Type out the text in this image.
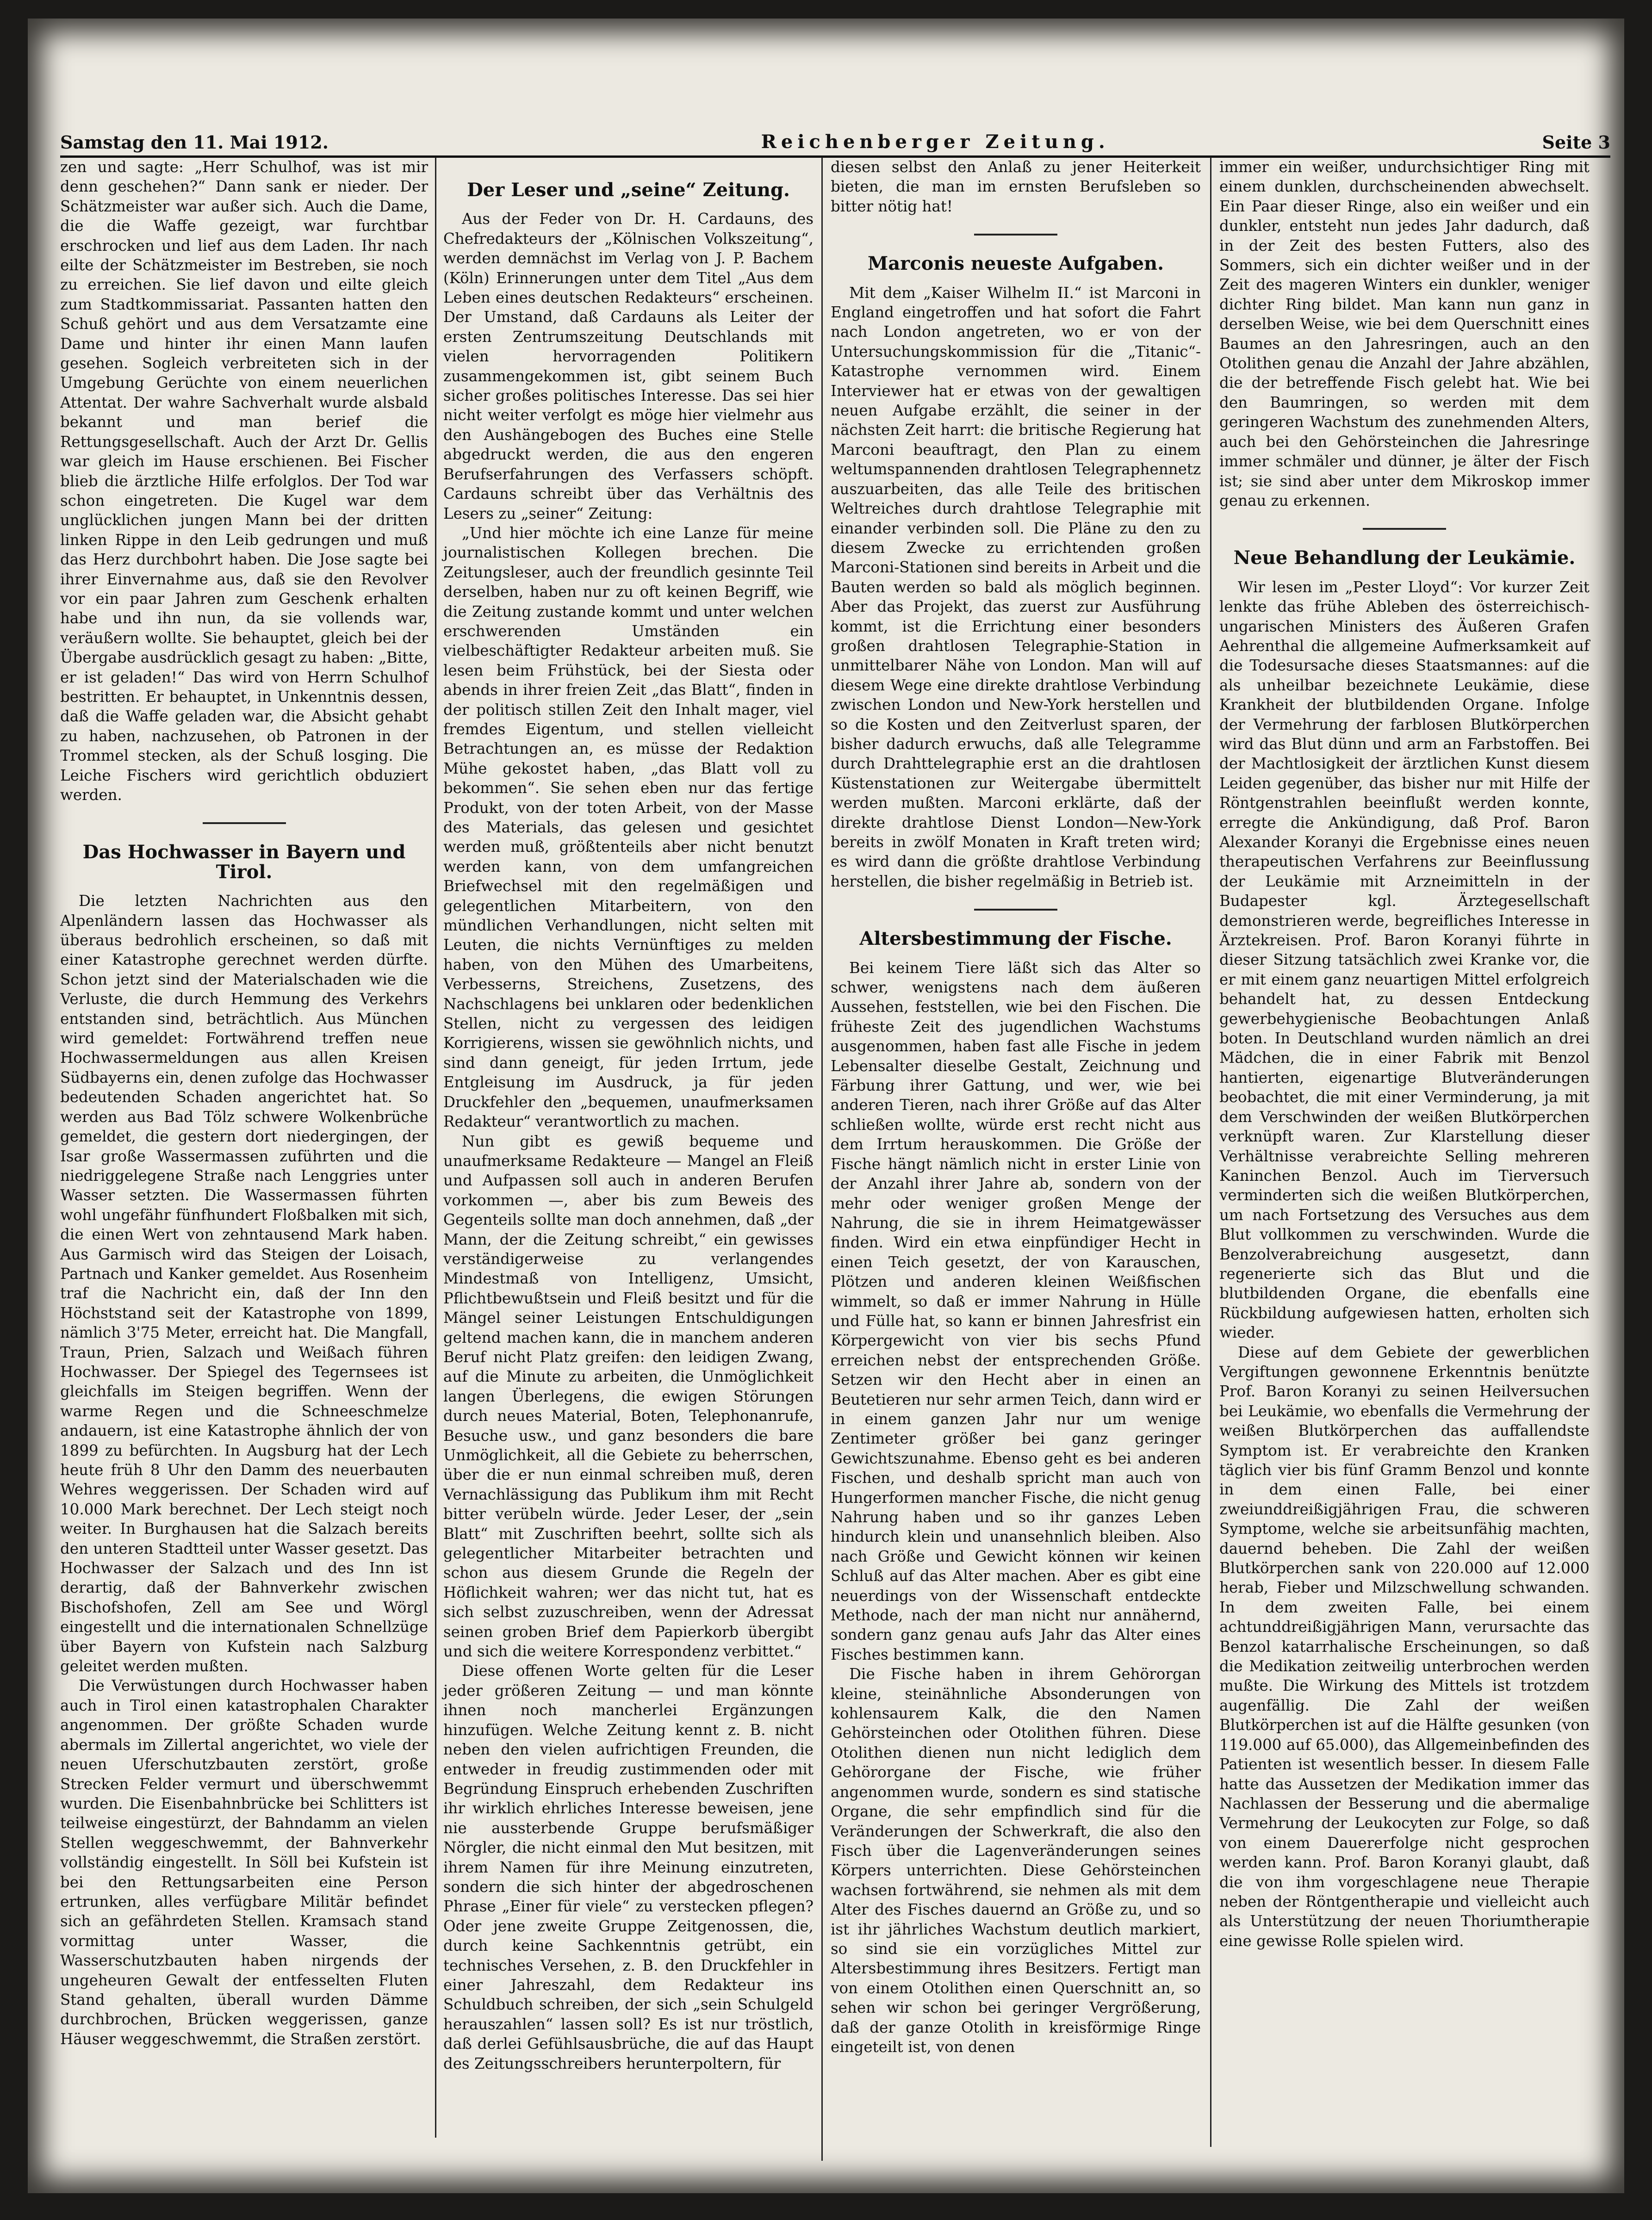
Samstag den 11. Mai 1912.	Reichenberger Zeitung.	Seite 3

zen und sagte: „Herr Schulhof, was ist mir denn geschehen?“ Dann sank er nieder. Der Schätzmeister war außer sich. Auch die Dame, die die Waffe gezeigt, war furchtbar erschrocken und lief aus dem Laden. Ihr nach eilte der Schätzmeister im Bestreben, sie noch zu erreichen. Sie lief davon und eilte gleich zum Stadtkommissariat. Passanten hatten den Schuß gehört und aus dem Versatzamte eine Dame und hinter ihr einen Mann laufen gesehen. Sogleich verbreiteten sich in der Umgebung Gerüchte von einem neuerlichen Attentat. Der wahre Sachverhalt wurde alsbald bekannt und man berief die Rettungsgesellschaft. Auch der Arzt Dr. Gellis war gleich im Hause erschienen. Bei Fischer blieb die ärztliche Hilfe erfolglos. Der Tod war schon eingetreten. Die Kugel war dem unglücklichen jungen Mann bei der dritten linken Rippe in den Leib gedrungen und muß das Herz durchbohrt haben. Die Jose sagte bei ihrer Einvernahme aus, daß sie den Revolver vor ein paar Jahren zum Geschenk erhalten habe und ihn nun, da sie vollends war, veräußern wollte. Sie behauptet, gleich bei der Übergabe ausdrücklich gesagt zu haben: „Bitte, er ist geladen!“ Das wird von Herrn Schulhof bestritten. Er behauptet, in Unkenntnis dessen, daß die Waffe geladen war, die Absicht gehabt zu haben, nachzusehen, ob Patronen in der Trommel stecken, als der Schuß losging. Die Leiche Fischers wird gerichtlich obduziert werden.

Das Hochwasser in Bayern und Tirol.

Die letzten Nachrichten aus den Alpenländern lassen das Hochwasser als überaus bedrohlich erscheinen, so daß mit einer Katastrophe gerechnet werden dürfte. Schon jetzt sind der Materialschaden wie die Verluste, die durch Hemmung des Verkehrs entstanden sind, beträchtlich. Aus München wird gemeldet: Fortwährend treffen neue Hochwassermeldungen aus allen Kreisen Südbayerns ein, denen zufolge das Hochwasser bedeutenden Schaden angerichtet hat. So werden aus Bad Tölz schwere Wolkenbrüche gemeldet, die gestern dort niedergingen, der Isar große Wassermassen zuführten und die niedriggelegene Straße nach Lenggries unter Wasser setzten. Die Wassermassen führten wohl ungefähr fünfhundert Floßbalken mit sich, die einen Wert von zehntausend Mark haben. Aus Garmisch wird das Steigen der Loisach, Partnach und Kanker gemeldet. Aus Rosenheim traf die Nachricht ein, daß der Inn den Höchststand seit der Katastrophe von 1899, nämlich 3'75 Meter, erreicht hat. Die Mangfall, Traun, Prien, Salzach und Weißach führen Hochwasser. Der Spiegel des Tegernsees ist gleichfalls im Steigen begriffen. Wenn der warme Regen und die Schneeschmelze andauern, ist eine Katastrophe ähnlich der von 1899 zu befürchten. In Augsburg hat der Lech heute früh 8 Uhr den Damm des neuerbauten Wehres weggerissen. Der Schaden wird auf 10.000 Mark berechnet. Der Lech steigt noch weiter. In Burghausen hat die Salzach bereits den unteren Stadtteil unter Wasser gesetzt. Das Hochwasser der Salzach und des Inn ist derartig, daß der Bahnverkehr zwischen Bischofshofen, Zell am See und Wörgl eingestellt und die internationalen Schnellzüge über Bayern von Kufstein nach Salzburg geleitet werden mußten.

Die Verwüstungen durch Hochwasser haben auch in Tirol einen katastrophalen Charakter angenommen. Der größte Schaden wurde abermals im Zillertal angerichtet, wo viele der neuen Uferschutzbauten zerstört, große Strecken Felder vermurt und überschwemmt wurden. Die Eisenbahnbrücke bei Schlitters ist teilweise eingestürzt, der Bahndamm an vielen Stellen weggeschwemmt, der Bahnverkehr vollständig eingestellt. In Söll bei Kufstein ist bei den Rettungsarbeiten eine Person ertrunken, alles verfügbare Militär befindet sich an gefährdeten Stellen. Kramsach stand vormittag unter Wasser, die Wasserschutzbauten haben nirgends der ungeheuren Gewalt der entfesselten Fluten Stand gehalten, überall wurden Dämme durchbrochen, Brücken weggerissen, ganze Häuser weggeschwemmt, die Straßen zerstört.

Der Leser und „seine“ Zeitung.

Aus der Feder von Dr. H. Cardauns, des Chefredakteurs der „Kölnischen Volkszeitung“, werden demnächst im Verlag von J. P. Bachem (Köln) Erinnerungen unter dem Titel „Aus dem Leben eines deutschen Redakteurs“ erscheinen. Der Umstand, daß Cardauns als Leiter der ersten Zentrumszeitung Deutschlands mit vielen hervorragenden Politikern zusammengekommen ist, gibt seinem Buch sicher großes politisches Interesse. Das sei hier nicht weiter verfolgt es möge hier vielmehr aus den Aushängebogen des Buches eine Stelle abgedruckt werden, die aus den engeren Berufserfahrungen des Verfassers schöpft. Cardauns schreibt über das Verhältnis des Lesers zu „seiner“ Zeitung:

„Und hier möchte ich eine Lanze für meine journalistischen Kollegen brechen. Die Zeitungsleser, auch der freundlich gesinnte Teil derselben, haben nur zu oft keinen Begriff, wie die Zeitung zustande kommt und unter welchen erschwerenden Umständen ein vielbeschäftigter Redakteur arbeiten muß. Sie lesen beim Frühstück, bei der Siesta oder abends in ihrer freien Zeit „das Blatt“, finden in der politisch stillen Zeit den Inhalt mager, viel fremdes Eigentum, und stellen vielleicht Betrachtungen an, es müsse der Redaktion Mühe gekostet haben, „das Blatt voll zu bekommen“. Sie sehen eben nur das fertige Produkt, von der toten Arbeit, von der Masse des Materials, das gelesen und gesichtet werden muß, größtenteils aber nicht benutzt werden kann, von dem umfangreichen Briefwechsel mit den regelmäßigen und gelegentlichen Mitarbeitern, von den mündlichen Verhandlungen, nicht selten mit Leuten, die nichts Vernünftiges zu melden haben, von den Mühen des Umarbeitens, Verbesserns, Streichens, Zusetzens, des Nachschlagens bei unklaren oder bedenklichen Stellen, nicht zu vergessen des leidigen Korrigierens, wissen sie gewöhnlich nichts, und sind dann geneigt, für jeden Irrtum, jede Entgleisung im Ausdruck, ja für jeden Druckfehler den „bequemen, unaufmerksamen Redakteur“ verantwortlich zu machen.

Nun gibt es gewiß bequeme und unaufmerksame Redakteure — Mangel an Fleiß und Aufpassen soll auch in anderen Berufen vorkommen —, aber bis zum Beweis des Gegenteils sollte man doch annehmen, daß „der Mann, der die Zeitung schreibt,“ ein gewisses verständigerweise zu verlangendes Mindestmaß von Intelligenz, Umsicht, Pflichtbewußtsein und Fleiß besitzt und für die Mängel seiner Leistungen Entschuldigungen geltend machen kann, die in manchem anderen Beruf nicht Platz greifen: den leidigen Zwang, auf die Minute zu arbeiten, die Unmöglichkeit langen Überlegens, die ewigen Störungen durch neues Material, Boten, Telephonanrufe, Besuche usw., und ganz besonders die bare Unmöglichkeit, all die Gebiete zu beherrschen, über die er nun einmal schreiben muß, deren Vernachlässigung das Publikum ihm mit Recht bitter verübeln würde. Jeder Leser, der „sein Blatt“ mit Zuschriften beehrt, sollte sich als gelegentlicher Mitarbeiter betrachten und schon aus diesem Grunde die Regeln der Höflichkeit wahren; wer das nicht tut, hat es sich selbst zuzuschreiben, wenn der Adressat seinen groben Brief dem Papierkorb übergibt und sich die weitere Korrespondenz verbittet.“

Diese offenen Worte gelten für die Leser jeder größeren Zeitung — und man könnte ihnen noch mancherlei Ergänzungen hinzufügen. Welche Zeitung kennt z. B. nicht neben den vielen aufrichtigen Freunden, die entweder in freudig zustimmenden oder mit Begründung Einspruch erhebenden Zuschriften ihr wirklich ehrliches Interesse beweisen, jene nie aussterbende Gruppe berufsmäßiger Nörgler, die nicht einmal den Mut besitzen, mit ihrem Namen für ihre Meinung einzutreten, sondern die sich hinter der abgedroschenen Phrase „Einer für viele“ zu verstecken pflegen? Oder jene zweite Gruppe Zeitgenossen, die, durch keine Sachkenntnis getrübt, ein technisches Versehen, z. B. den Druckfehler in einer Jahreszahl, dem Redakteur ins Schuldbuch schreiben, der sich „sein Schulgeld herauszahlen“ lassen soll? Es ist nur tröstlich, daß derlei Gefühlsausbrüche, die auf das Haupt des Zeitungsschreibers herunterpoltern, für

diesen selbst den Anlaß zu jener Heiterkeit bieten, die man im ernsten Berufsleben so bitter nötig hat!

Marconis neueste Aufgaben.

Mit dem „Kaiser Wilhelm II.“ ist Marconi in England eingetroffen und hat sofort die Fahrt nach London angetreten, wo er von der Untersuchungskommission für die „Titanic“-Katastrophe vernommen wird. Einem Interviewer hat er etwas von der gewaltigen neuen Aufgabe erzählt, die seiner in der nächsten Zeit harrt: die britische Regierung hat Marconi beauftragt, den Plan zu einem weltumspannenden drahtlosen Telegraphennetz auszuarbeiten, das alle Teile des britischen Weltreiches durch drahtlose Telegraphie mit einander verbinden soll. Die Pläne zu den zu diesem Zwecke zu errichtenden großen Marconi-Stationen sind bereits in Arbeit und die Bauten werden so bald als möglich beginnen. Aber das Projekt, das zuerst zur Ausführung kommt, ist die Errichtung einer besonders großen drahtlosen Telegraphie-Station in unmittelbarer Nähe von London. Man will auf diesem Wege eine direkte drahtlose Verbindung zwischen London und New-York herstellen und so die Kosten und den Zeitverlust sparen, der bisher dadurch erwuchs, daß alle Telegramme durch Drahttelegraphie erst an die drahtlosen Küstenstationen zur Weitergabe übermittelt werden mußten. Marconi erklärte, daß der direkte drahtlose Dienst London—New-York bereits in zwölf Monaten in Kraft treten wird; es wird dann die größte drahtlose Verbindung herstellen, die bisher regelmäßig in Betrieb ist.

Altersbestimmung der Fische.

Bei keinem Tiere läßt sich das Alter so schwer, wenigstens nach dem äußeren Aussehen, feststellen, wie bei den Fischen. Die früheste Zeit des jugendlichen Wachstums ausgenommen, haben fast alle Fische in jedem Lebensalter dieselbe Gestalt, Zeichnung und Färbung ihrer Gattung, und wer, wie bei anderen Tieren, nach ihrer Größe auf das Alter schließen wollte, würde erst recht nicht aus dem Irrtum herauskommen. Die Größe der Fische hängt nämlich nicht in erster Linie von der Anzahl ihrer Jahre ab, sondern von der mehr oder weniger großen Menge der Nahrung, die sie in ihrem Heimatgewässer finden. Wird ein etwa einpfündiger Hecht in einen Teich gesetzt, der von Karauschen, Plötzen und anderen kleinen Weißfischen wimmelt, so daß er immer Nahrung in Hülle und Fülle hat, so kann er binnen Jahresfrist ein Körpergewicht von vier bis sechs Pfund erreichen nebst der entsprechenden Größe. Setzen wir den Hecht aber in einen an Beutetieren nur sehr armen Teich, dann wird er in einem ganzen Jahr nur um wenige Zentimeter größer bei ganz geringer Gewichtszunahme. Ebenso geht es bei anderen Fischen, und deshalb spricht man auch von Hungerformen mancher Fische, die nicht genug Nahrung haben und so ihr ganzes Leben hindurch klein und unansehnlich bleiben. Also nach Größe und Gewicht können wir keinen Schluß auf das Alter machen. Aber es gibt eine neuerdings von der Wissenschaft entdeckte Methode, nach der man nicht nur annähernd, sondern ganz genau aufs Jahr das Alter eines Fisches bestimmen kann.

Die Fische haben in ihrem Gehörorgan kleine, steinähnliche Absonderungen von kohlensaurem Kalk, die den Namen Gehörsteinchen oder Otolithen führen. Diese Otolithen dienen nun nicht lediglich dem Gehörorgane der Fische, wie früher angenommen wurde, sondern es sind statische Organe, die sehr empfindlich sind für die Veränderungen der Schwerkraft, die also den Fisch über die Lagenveränderungen seines Körpers unterrichten. Diese Gehörsteinchen wachsen fortwährend, sie nehmen als mit dem Alter des Fisches dauernd an Größe zu, und so ist ihr jährliches Wachstum deutlich markiert, so sind sie ein vorzügliches Mittel zur Altersbestimmung ihres Besitzers. Fertigt man von einem Otolithen einen Querschnitt an, so sehen wir schon bei geringer Vergrößerung, daß der ganze Otolith in kreisförmige Ringe eingeteilt ist, von denen

immer ein weißer, undurchsichtiger Ring mit einem dunklen, durchscheinenden abwechselt. Ein Paar dieser Ringe, also ein weißer und ein dunkler, entsteht nun jedes Jahr dadurch, daß in der Zeit des besten Futters, also des Sommers, sich ein dichter weißer und in der Zeit des mageren Winters ein dunkler, weniger dichter Ring bildet. Man kann nun ganz in derselben Weise, wie bei dem Querschnitt eines Baumes an den Jahresringen, auch an den Otolithen genau die Anzahl der Jahre abzählen, die der betreffende Fisch gelebt hat. Wie bei den Baumringen, so werden mit dem geringeren Wachstum des zunehmenden Alters, auch bei den Gehörsteinchen die Jahresringe immer schmäler und dünner, je älter der Fisch ist; sie sind aber unter dem Mikroskop immer genau zu erkennen.

Neue Behandlung der Leukämie.

Wir lesen im „Pester Lloyd“: Vor kurzer Zeit lenkte das frühe Ableben des österreichisch-ungarischen Ministers des Äußeren Grafen Aehrenthal die allgemeine Aufmerksamkeit auf die Todesursache dieses Staatsmannes: auf die als unheilbar bezeichnete Leukämie, diese Krankheit der blutbildenden Organe. Infolge der Vermehrung der farblosen Blutkörperchen wird das Blut dünn und arm an Farbstoffen. Bei der Machtlosigkeit der ärztlichen Kunst diesem Leiden gegenüber, das bisher nur mit Hilfe der Röntgenstrahlen beeinflußt werden konnte, erregte die Ankündigung, daß Prof. Baron Alexander Koranyi die Ergebnisse eines neuen therapeutischen Verfahrens zur Beeinflussung der Leukämie mit Arzneimitteln in der Budapester kgl. Ärztegesellschaft demonstrieren werde, begreifliches Interesse in Ärztekreisen. Prof. Baron Koranyi führte in dieser Sitzung tatsächlich zwei Kranke vor, die er mit einem ganz neuartigen Mittel erfolgreich behandelt hat, zu dessen Entdeckung gewerbehygienische Beobachtungen Anlaß boten. In Deutschland wurden nämlich an drei Mädchen, die in einer Fabrik mit Benzol hantierten, eigenartige Blutveränderungen beobachtet, die mit einer Verminderung, ja mit dem Verschwinden der weißen Blutkörperchen verknüpft waren. Zur Klarstellung dieser Verhältnisse verabreichte Selling mehreren Kaninchen Benzol. Auch im Tierversuch verminderten sich die weißen Blutkörperchen, um nach Fortsetzung des Versuches aus dem Blut vollkommen zu verschwinden. Wurde die Benzolverabreichung ausgesetzt, dann regenerierte sich das Blut und die blutbildenden Organe, die ebenfalls eine Rückbildung aufgewiesen hatten, erholten sich wieder.

Diese auf dem Gebiete der gewerblichen Vergiftungen gewonnene Erkenntnis benützte Prof. Baron Koranyi zu seinen Heilversuchen bei Leukämie, wo ebenfalls die Vermehrung der weißen Blutkörperchen das auffallendste Symptom ist. Er verabreichte den Kranken täglich vier bis fünf Gramm Benzol und konnte in dem einen Falle, bei einer zweiunddreißigjährigen Frau, die schweren Symptome, welche sie arbeitsunfähig machten, dauernd beheben. Die Zahl der weißen Blutkörperchen sank von 220.000 auf 12.000 herab, Fieber und Milzschwellung schwanden. In dem zweiten Falle, bei einem achtunddreißigjährigen Mann, verursachte das Benzol katarrhalische Erscheinungen, so daß die Medikation zeitweilig unterbrochen werden mußte. Die Wirkung des Mittels ist trotzdem augenfällig. Die Zahl der weißen Blutkörperchen ist auf die Hälfte gesunken (von 119.000 auf 65.000), das Allgemeinbefinden des Patienten ist wesentlich besser. In diesem Falle hatte das Aussetzen der Medikation immer das Nachlassen der Besserung und die abermalige Vermehrung der Leukocyten zur Folge, so daß von einem Dauererfolge nicht gesprochen werden kann. Prof. Baron Koranyi glaubt, daß die von ihm vorgeschlagene neue Therapie neben der Röntgentherapie und vielleicht auch als Unterstützung der neuen Thoriumtherapie eine gewisse Rolle spielen wird.
